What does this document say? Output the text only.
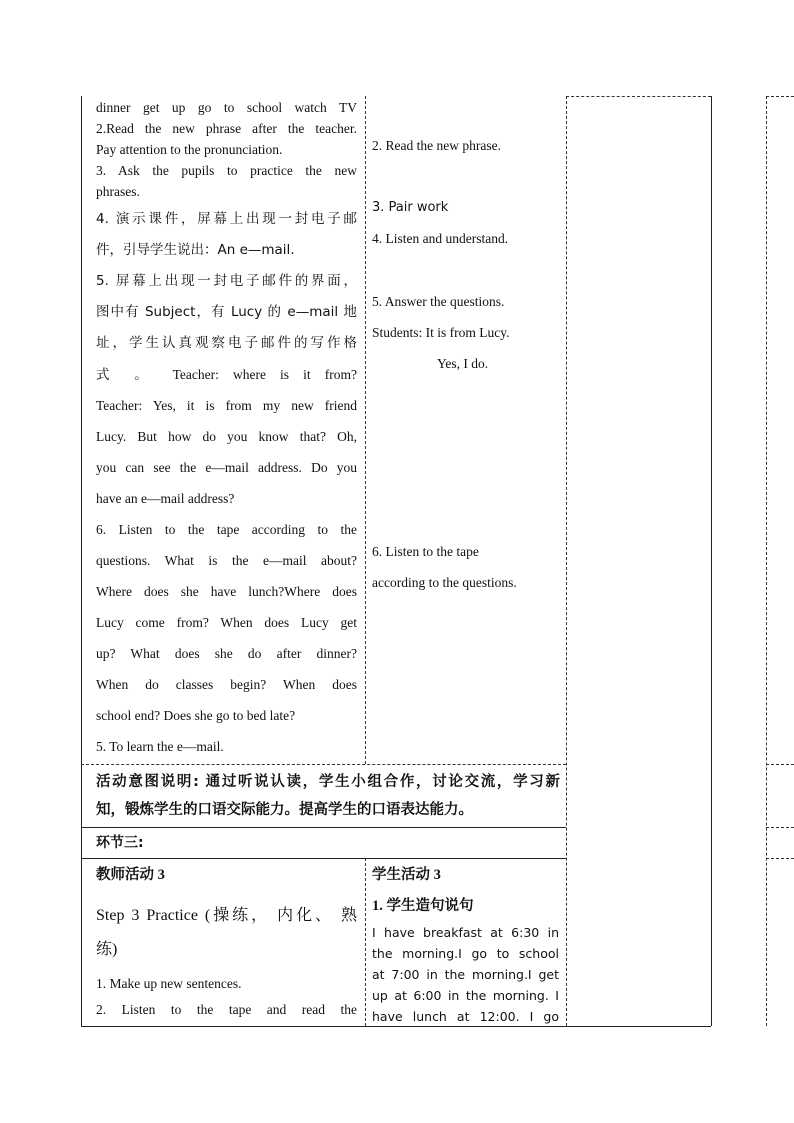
dinner get up go to school watch TV

2.Read the new phrase after the teacher.

Pay attention to the pronunciation.

3. Ask the pupils to practice the new

phrases.

4. 演示课件，屏幕上出现一封电子邮

件，引导学生说出：An e—mail.

5. 屏幕上出现一封电子邮件的界面，

图中有 Subject，有 Lucy 的 e—mail 地

址，学生认真观察电子邮件的写作格

式 。 Teacher: where is it from?

Teacher: Yes, it is from my new friend

Lucy. But how do you know that? Oh,

you can see the e—mail address. Do you

have an e—mail address?

6. Listen to the tape according to the

questions. What is the e—mail about?

Where does she have lunch?Where does

Lucy come from? When does Lucy get

up? What does she do after dinner?

When do classes begin? When does

school end? Does she go to bed late?

5. To learn the e—mail.

2. Read the new phrase.
3. Pair work
4. Listen and understand.
5. Answer the questions.
Students: It is from Lucy.
Yes, I do.
6. Listen to the tape
according to the questions.
活动意图说明: 通过听说认读，学生小组合作，讨论交流，学习新
知，锻炼学生的口语交际能力。提高学生的口语表达能力。
环节三:
教师活动 3
Step 3 Practice (操练， 内化、 熟
练)
1. Make up new sentences.
2. Listen to the tape and read the
学生活动 3
1. 学生造句说句
I have breakfast at 6:30 in
the morning.I go to school
at 7:00 in the morning.I get
up at 6:00 in the morning. I
have lunch at 12:00. I go
